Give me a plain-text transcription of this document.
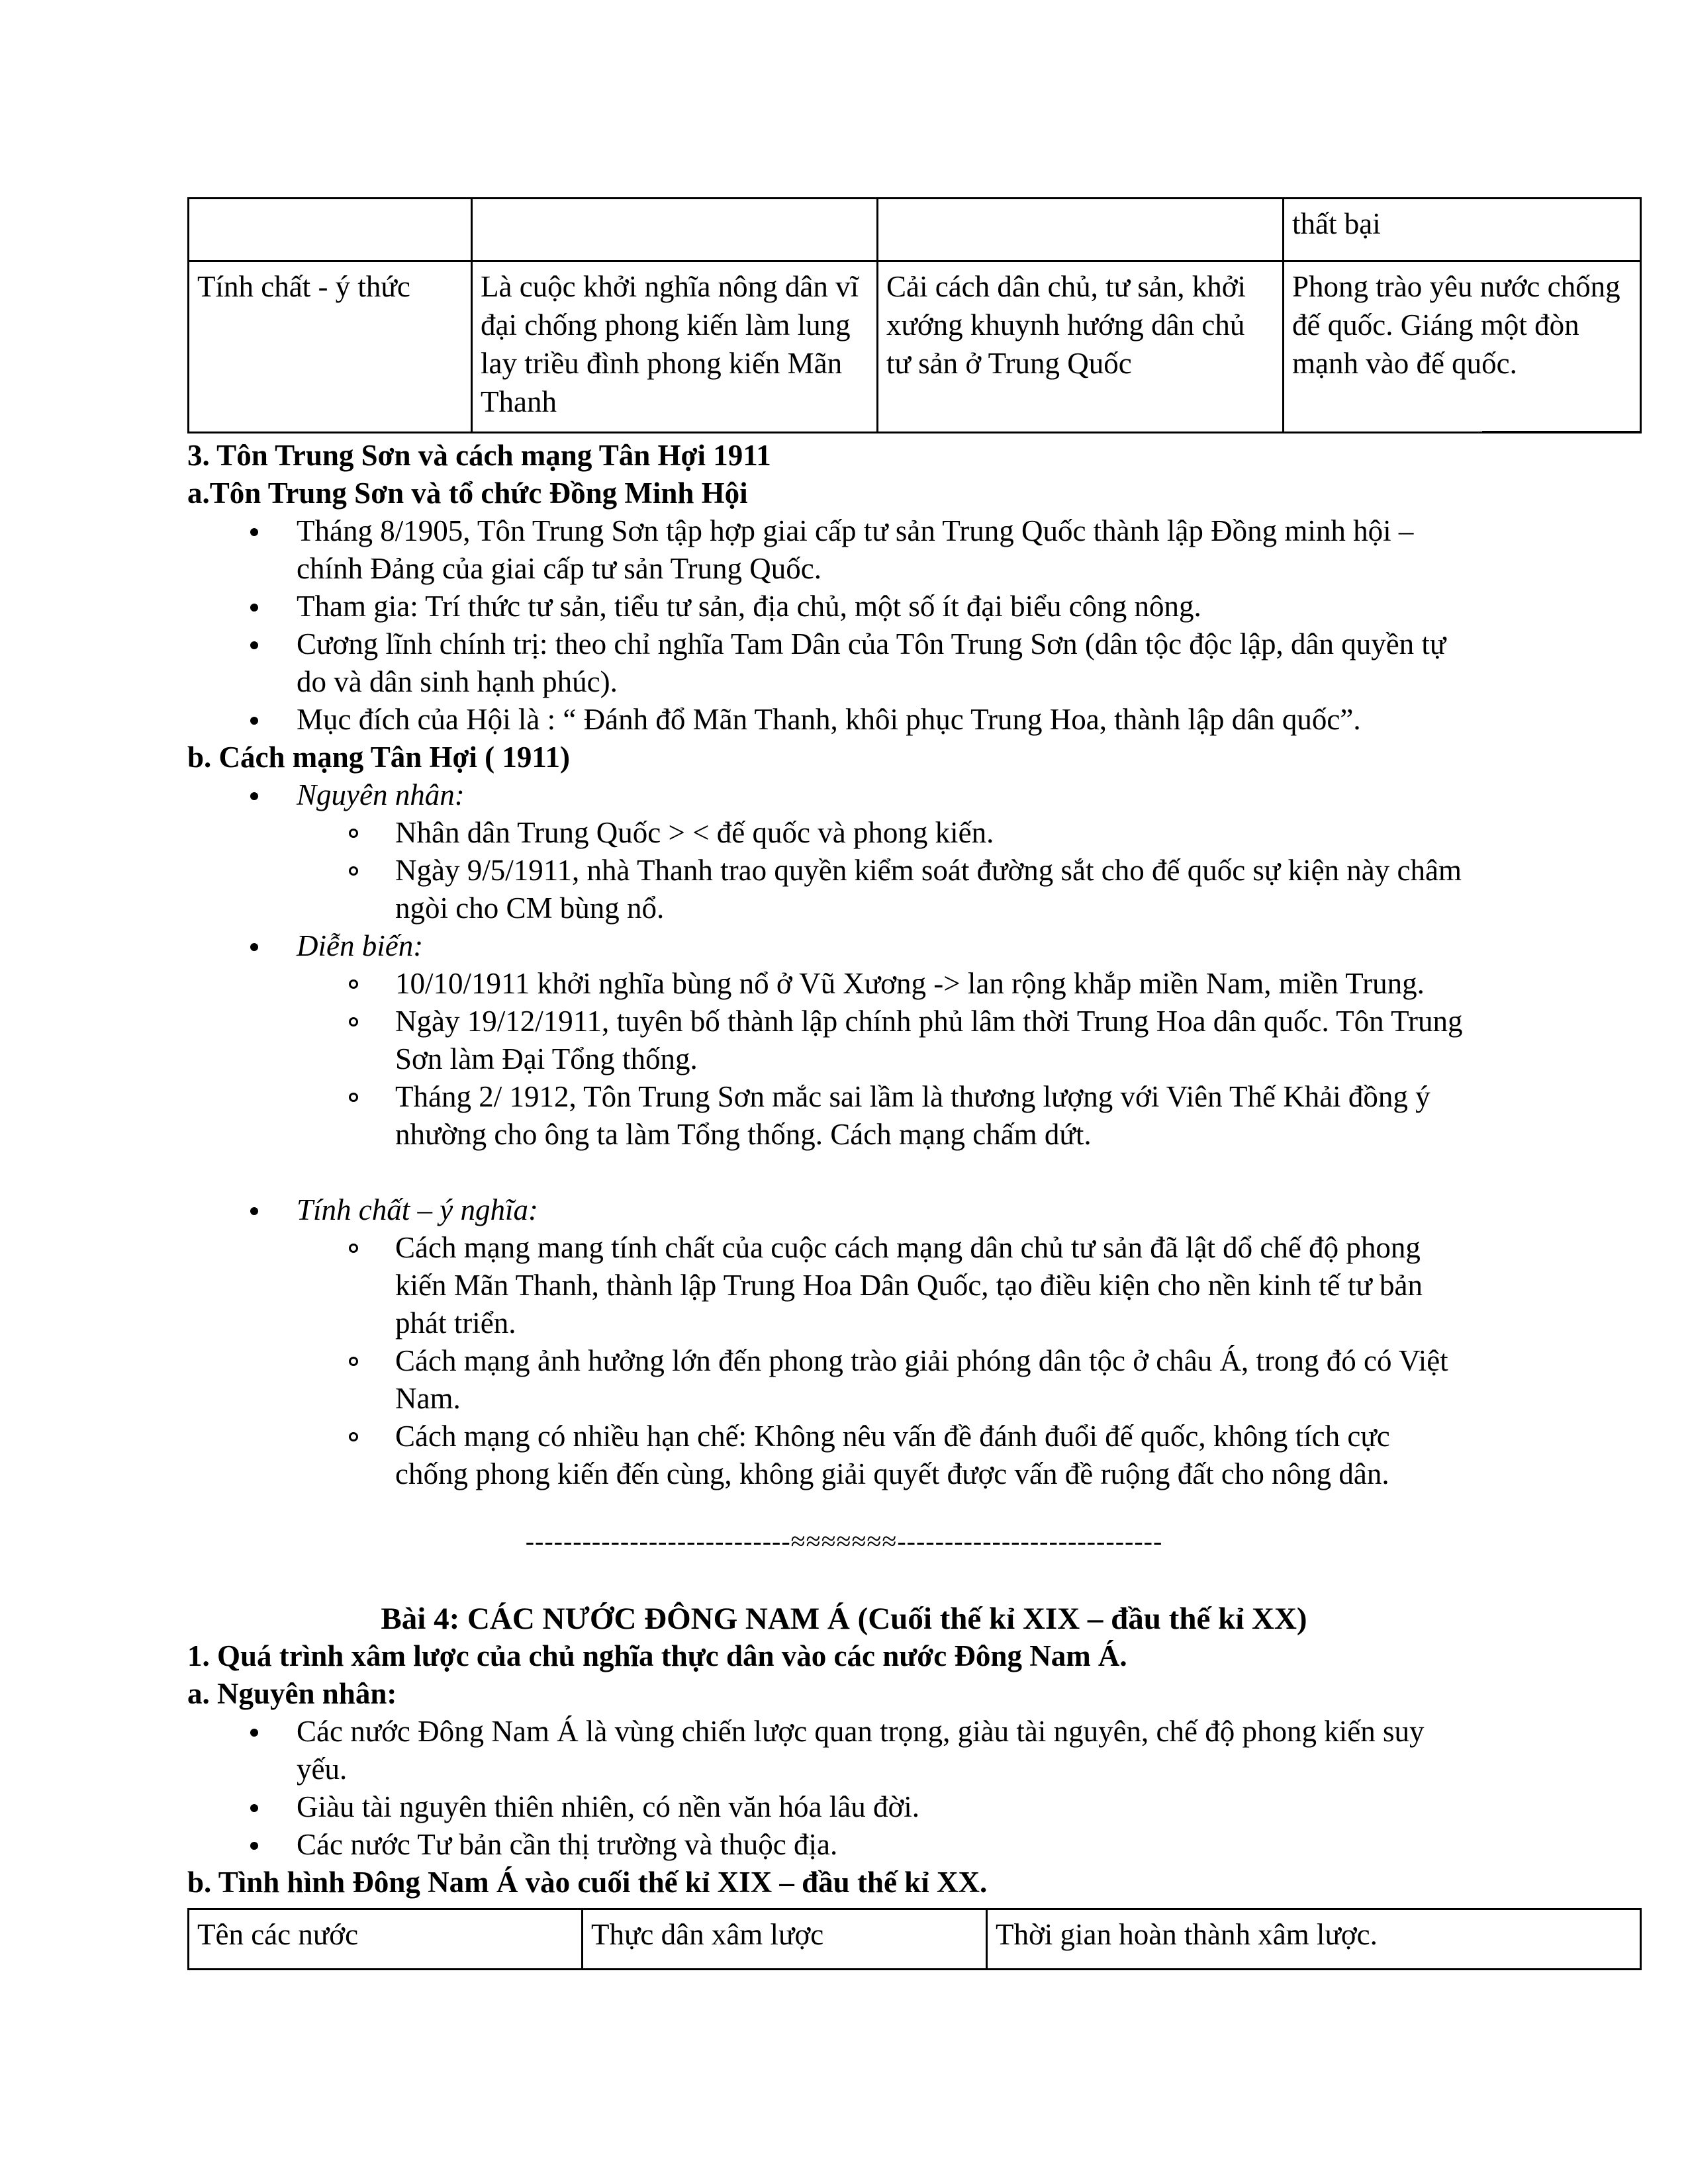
			thất bại
Tính chất - ý thức	Là cuộc khởi nghĩa nông dân vĩ đại chống phong kiến làm lung lay triều đình phong kiến Mãn Thanh	Cải cách dân chủ, tư sản, khởi xướng khuynh hướng dân chủ tư sản ở Trung Quốc	Phong trào yêu nước chống đế quốc. Giáng một đòn mạnh vào đế quốc.
3. Tôn Trung Sơn và cách mạng Tân Hợi 1911
a.Tôn Trung Sơn và tổ chức Đồng Minh Hội
Tháng 8/1905, Tôn Trung Sơn tập hợp giai cấp tư sản Trung Quốc thành lập Đồng minh hội – chính Đảng của giai cấp tư sản Trung Quốc.
Tham gia: Trí thức tư sản, tiểu tư sản, địa chủ, một số ít đại biểu công nông.
Cương lĩnh chính trị: theo chỉ nghĩa Tam Dân của Tôn Trung Sơn (dân tộc độc lập, dân quyền tự do và dân sinh hạnh phúc).
Mục đích của Hội là : “ Đánh đổ Mãn Thanh, khôi phục Trung Hoa, thành lập dân quốc”.
b. Cách mạng Tân Hợi ( 1911)
Nguyên nhân:
Nhân dân Trung Quốc > < đế quốc và phong kiến.
Ngày 9/5/1911, nhà Thanh trao quyền kiểm soát đường sắt cho đế quốc sự kiện này châm ngòi cho CM bùng nổ.
Diễn biến:
10/10/1911 khởi nghĩa bùng nổ ở Vũ Xương -> lan rộng khắp miền Nam, miền Trung.
Ngày 19/12/1911, tuyên bố thành lập chính phủ lâm thời Trung Hoa dân quốc. Tôn Trung Sơn làm Đại Tổng thống.
Tháng 2/ 1912, Tôn Trung Sơn mắc sai lầm là thương lượng với Viên Thế Khải đồng ý nhường cho ông ta làm Tổng thống. Cách mạng chấm dứt.
Tính chất – ý nghĩa:
Cách mạng mang tính chất của cuộc cách mạng dân chủ tư sản đã lật dổ chế độ phong kiến Mãn Thanh, thành lập Trung Hoa Dân Quốc, tạo điều kiện cho nền kinh tế tư bản phát triển.
Cách mạng ảnh hưởng lớn đến phong trào giải phóng dân tộc ở châu Á, trong đó có Việt Nam.
Cách mạng có nhiều hạn chế: Không nêu vấn đề đánh đuổi đế quốc, không tích cực chống phong kiến đến cùng, không giải quyết được vấn đề ruộng đất cho nông dân.
----------------------------≈≈≈≈≈≈≈----------------------------
Bài 4: CÁC NƯỚC ĐÔNG NAM Á (Cuối thế kỉ XIX – đầu thế kỉ XX)
1. Quá trình xâm lược của chủ nghĩa thực dân vào các nước Đông Nam Á.
a. Nguyên nhân:
Các nước Đông Nam Á là vùng chiến lược quan trọng, giàu tài nguyên, chế độ phong kiến suy yếu.
Giàu tài nguyên thiên nhiên, có nền văn hóa lâu đời.
Các nước Tư bản cần thị trường và thuộc địa.
b. Tình hình Đông Nam Á vào cuối thế kỉ XIX – đầu thế kỉ XX.
Tên các nước	Thực dân xâm lược	Thời gian hoàn thành xâm lược.
